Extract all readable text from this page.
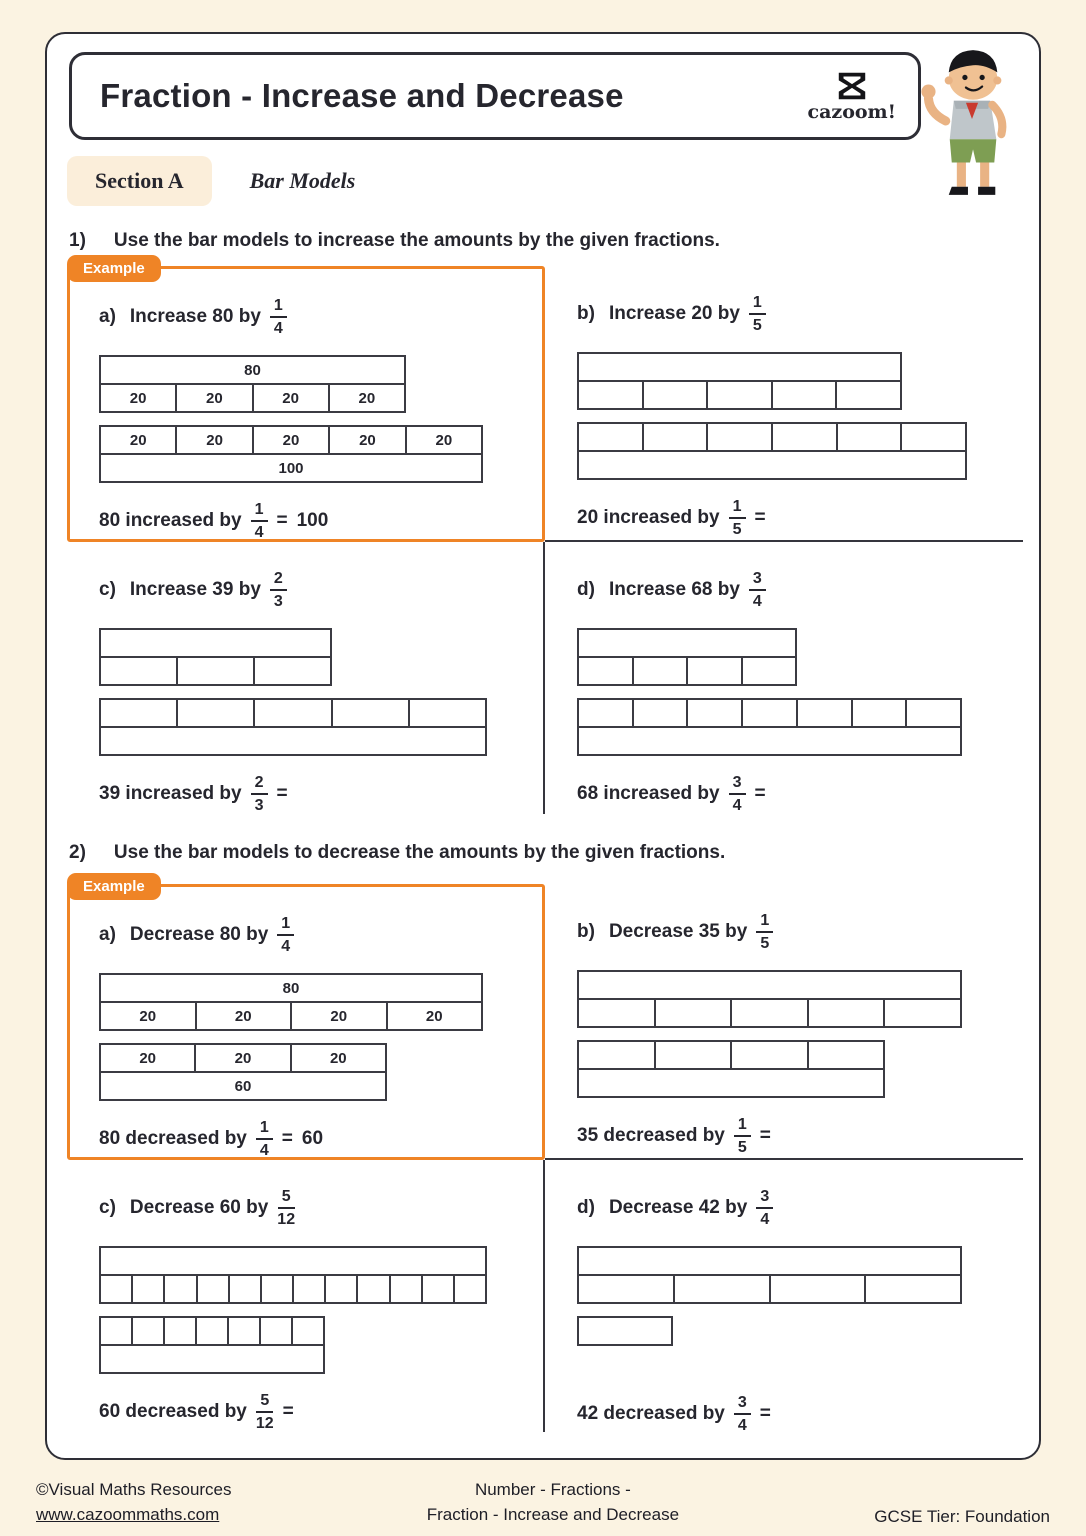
Fraction - Increase and Decrease	cazoom!
Section A	Bar Models
1) Use the bar models to increase the amounts by the given fractions.
Example
a) Increase 80 by $\frac{1}{4}$
80
20	20	20	20
20	20	20	20	20
100
80 increased by $\frac{1}{4} = 100$
b) Increase 20 by $\frac{1}{5}$
20 increased by $\frac{1}{5}$ =
c) Increase 39 by $\frac{2}{3}$
39 increased by $\frac{2}{3}$ =
d) Increase 68 by $\frac{3}{4}$
68 increased by $\frac{3}{4}$ =
2) Use the bar models to decrease the amounts by the given fractions.
Example
a) Decrease 80 by $\frac{1}{4}$
80
20	20	20	20
20	20	20
60
80 decreased by $\frac{1}{4} = 60$
b) Decrease 35 by $\frac{1}{5}$
35 decreased by $\frac{1}{5}$ =
c) Decrease 60 by $\frac{5}{12}$
60 decreased by $\frac{5}{12}$ =
d) Decrease 42 by $\frac{3}{4}$
42 decreased by $\frac{3}{4}$ =
©Visual Maths Resources
www.cazoommaths.com
Number - Fractions -
Fraction - Increase and Decrease	GCSE Tier: Foundation
